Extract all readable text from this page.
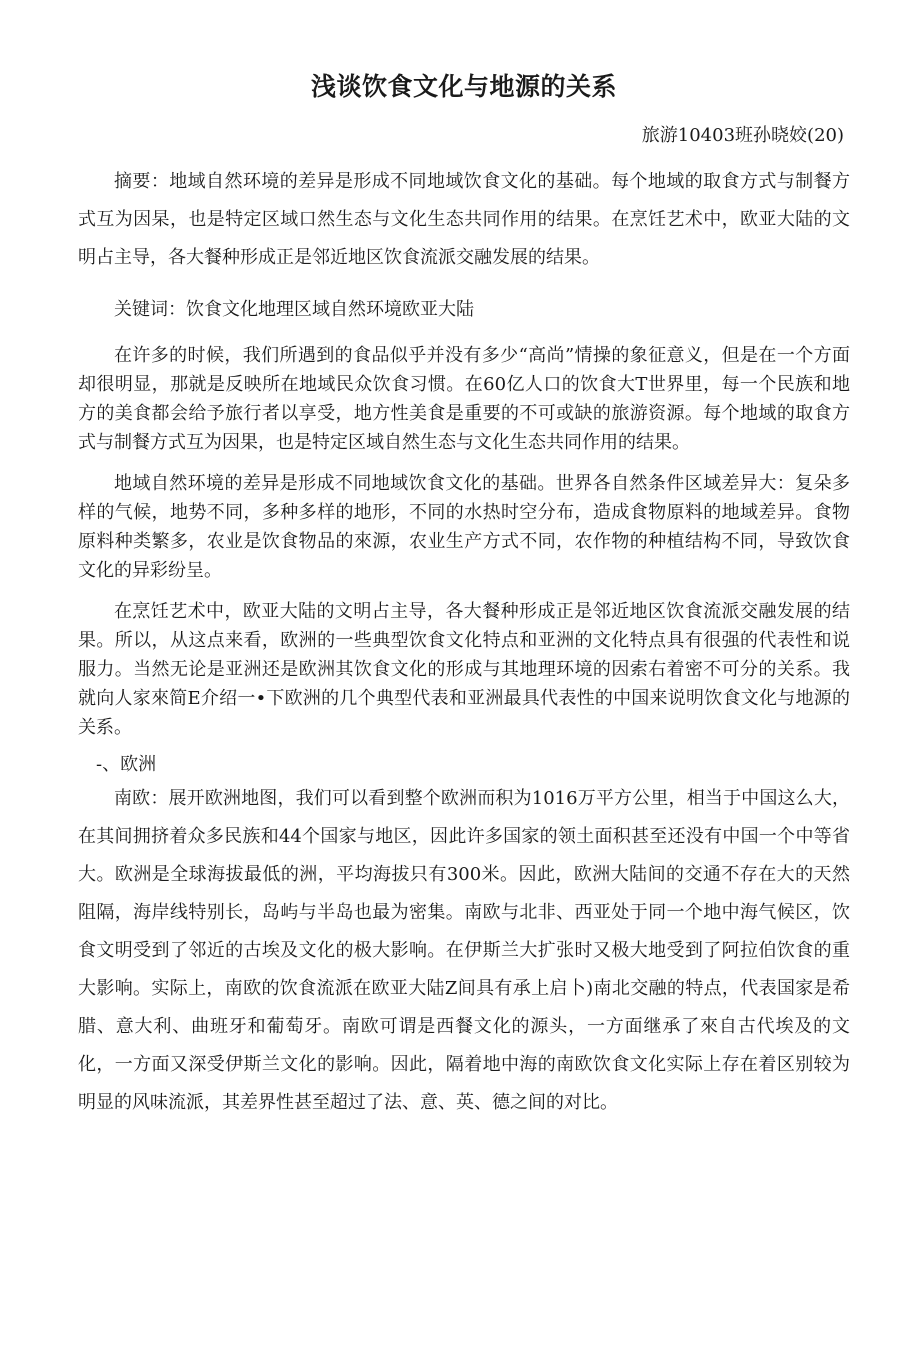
浅谈饮食文化与地源的关系

旅游10403班孙晓姣(20)

摘要：地域自然环境的差异是形成不同地域饮食文化的基础。每个地域的取食方式与制餐方式互为因杲，也是特定区域口然生态与文化生态共同作用的结果。在烹饪艺术中，欧亚大陆的文明占主导，各大餐种形成正是邻近地区饮食流派交融发展的结果。

关键词：饮食文化地理区域自然环境欧亚大陆

在许多的时候，我们所遇到的食品似乎并没有多少“高尚”情操的象征意义，但是在一个方面却很明显，那就是反映所在地域民众饮食习惯。在60亿人口的饮食大T世界里，每一个民族和地方的美食都会给予旅行者以享受，地方性美食是重要的不可或缺的旅游资源。每个地域的取食方式与制餐方式互为因果，也是特定区域自然生态与文化生态共同作用的结果。

地域自然环境的差异是形成不同地域饮食文化的基础。世界各自然条件区域差异大：复朵多样的气候，地势不同，多种多样的地形，不同的水热时空分布，造成食物原料的地域差异。食物原料种类繁多，农业是饮食物品的來源，农业生产方式不同，农作物的种植结构不同，导致饮食文化的异彩纷呈。

在烹饪艺术中，欧亚大陆的文明占主导，各大餐种形成正是邻近地区饮食流派交融发展的结果。所以，从这点来看，欧洲的一些典型饮食文化特点和亚洲的文化特点具有很强的代表性和说服力。当然无论是亚洲还是欧洲其饮食文化的形成与其地理环境的因索右着密不可分的关系。我就向人家來简E介绍一•下欧洲的几个典型代表和亚洲最具代表性的中国来说明饮食文化与地源的关系。

-、欧洲

南欧：展开欧洲地图，我们可以看到整个欧洲而积为1016万平方公里，相当于中国这么大，在其间拥挤着众多民族和44个国家与地区，因此许多国家的领土面积甚至还没有中国一个中等省大。欧洲是全球海拔最低的洲，平均海拔只有300米。因此，欧洲大陆间的交通不存在大的天然阻隔，海岸线特别长，岛屿与半岛也最为密集。南欧与北非、西亚处于同一个地中海气候区，饮食文明受到了邻近的古埃及文化的极大影响。在伊斯兰大扩张时又极大地受到了阿拉伯饮食的重大影响。实际上，南欧的饮食流派在欧亚大陆Z间具有承上启卜)南北交融的特点，代表国家是希腊、意大利、曲班牙和葡萄牙。南欧可谓是西餐文化的源头，一方面继承了來自古代埃及的文化，一方面又深受伊斯兰文化的影响。因此，隔着地中海的南欧饮食文化实际上存在着区别较为明显的风味流派，其差界性甚至超过了法、意、英、德之间的对比。
